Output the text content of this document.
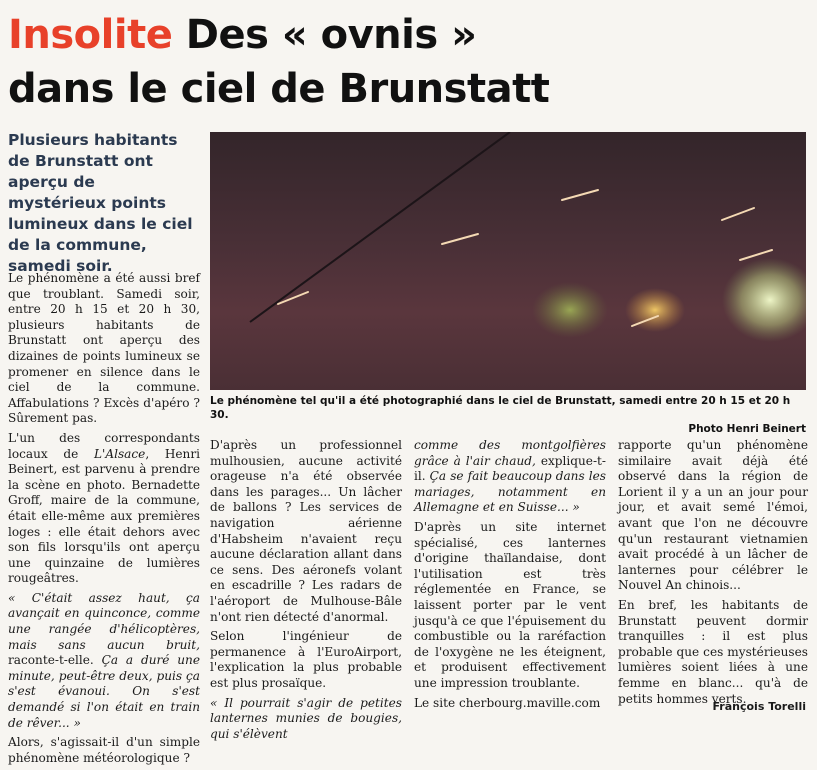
Insolite Des « ovnis »
dans le ciel de Brunstatt
Plusieurs habitants de Brunstatt ont aperçu de mystérieux points lumineux dans le ciel de la commune, samedi soir.
Le phénomène tel qu'il a été photographié dans le ciel de Brunstatt, samedi entre 20 h 15 et 20 h 30.
Photo Henri Beinert

Le phénomène a été aussi bref que troublant. Samedi soir, entre 20 h 15 et 20 h 30, plusieurs habitants de Brunstatt ont aperçu des dizaines de points lumineux se promener en silence dans le ciel de la commune. Affabulations ? Excès d'apéro ? Sûrement pas.

L'un des correspondants locaux de L'Alsace, Henri Beinert, est parvenu à prendre la scène en photo. Bernadette Groff, maire de la commune, était elle-même aux premières loges : elle était dehors avec son fils lorsqu'ils ont aperçu une quinzaine de lumières rougeâtres.

« C'était assez haut, ça avançait en quinconce, comme une rangée d'hélicoptères, mais sans aucun bruit, raconte-t-elle. Ça a duré une minute, peut-être deux, puis ça s'est évanoui. On s'est demandé si l'on était en train de rêver... »

Alors, s'agissait-il d'un simple phénomène météorologique ?

D'après un professionnel mulhousien, aucune activité orageuse n'a été observée dans les parages... Un lâcher de ballons ? Les services de navigation aérienne d'Habsheim n'avaient reçu aucune déclaration allant dans ce sens. Des aéronefs volant en escadrille ? Les radars de l'aéroport de Mulhouse-Bâle n'ont rien détecté d'anormal.

Selon l'ingénieur de permanence à l'EuroAirport, l'explication la plus probable est plus prosaïque.

« Il pourrait s'agir de petites lanternes munies de bougies, qui s'élèvent

comme des montgolfières grâce à l'air chaud, explique-t-il. Ça se fait beaucoup dans les mariages, notamment en Allemagne et en Suisse... »

D'après un site internet spécialisé, ces lanternes d'origine thaïlandaise, dont l'utilisation est très réglementée en France, se laissent porter par le vent jusqu'à ce que l'épuisement du combustible ou la raréfaction de l'oxygène ne les éteignent, et produisent effectivement une impression troublante.

Le site cherbourg.maville.com

rapporte qu'un phénomène similaire avait déjà été observé dans la région de Lorient il y a un an jour pour jour, et avait semé l'émoi, avant que l'on ne découvre qu'un restaurant vietnamien avait procédé à un lâcher de lanternes pour célébrer le Nouvel An chinois...

En bref, les habitants de Brunstatt peuvent dormir tranquilles : il est plus probable que ces mystérieuses lumières soient liées à une femme en blanc... qu'à de petits hommes verts.

François Torelli
